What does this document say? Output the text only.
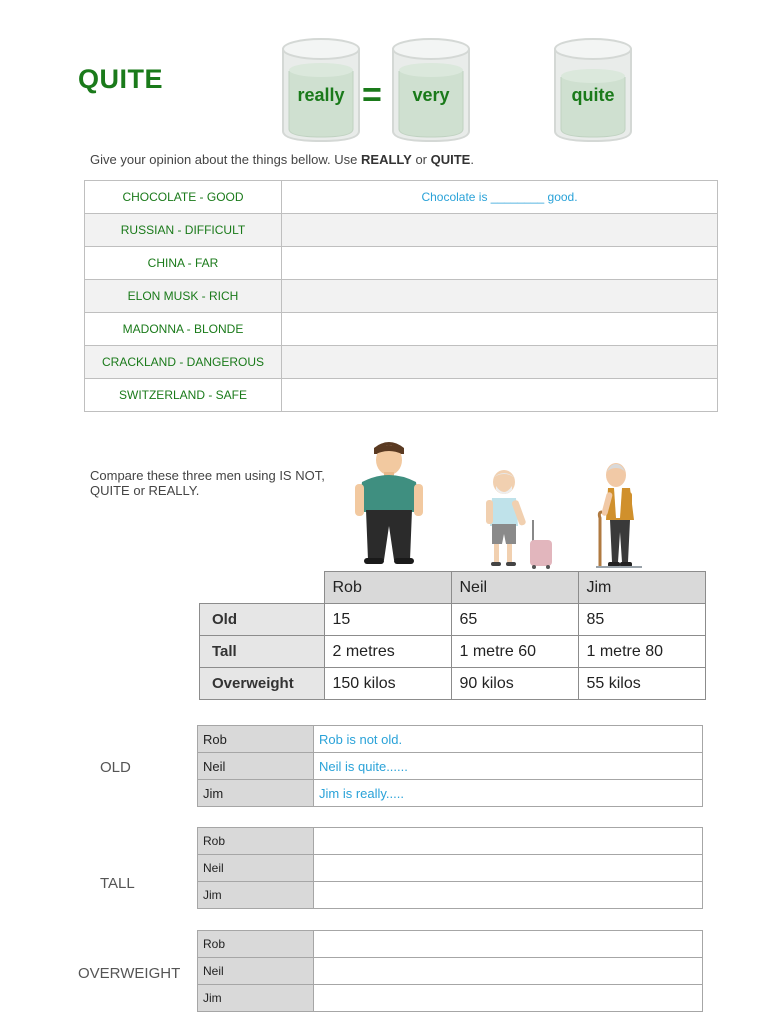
QUITE
really =	very	quite
Give your opinion about the things bellow. Use REALLY or QUITE.
CHOCOLATE - GOOD	Chocolate is ________ good.
RUSSIAN - DIFFICULT	
CHINA - FAR	
ELON MUSK - RICH	
MADONNA - BLONDE	
CRACKLAND - DANGEROUS	
SWITZERLAND - SAFE	
Compare these three men using IS NOT, QUITE or REALLY.
	Rob	Neil	Jim
Old	15	65	85
Tall	2 metres	1 metre 60	1 metre 80
Overweight	150 kilos	90 kilos	55 kilos
OLD
Rob	Rob is not old.
Neil	Neil is quite......
Jim	Jim is really.....
TALL
Rob	
Neil	
Jim	
OVERWEIGHT
Rob	
Neil	
Jim	
